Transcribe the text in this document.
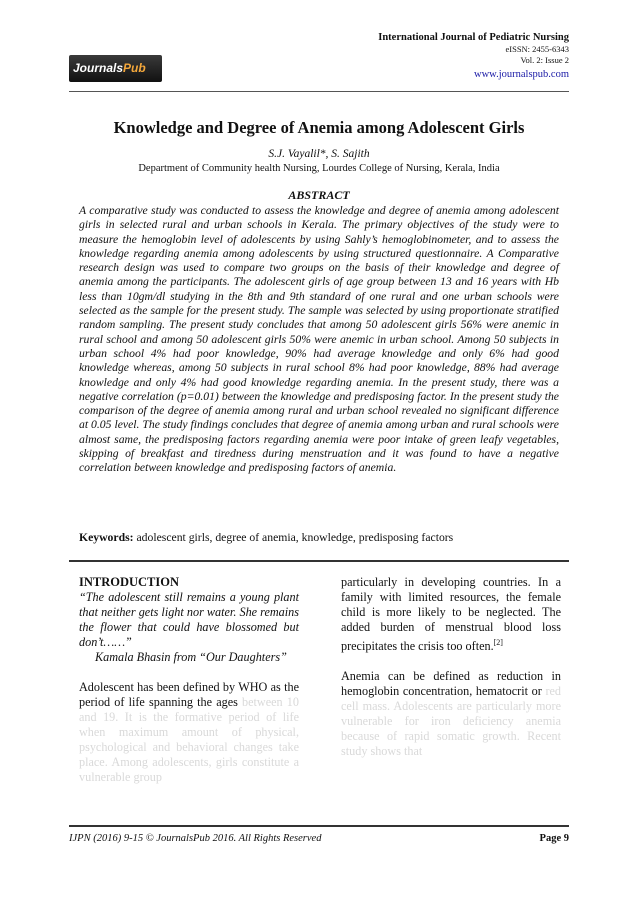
JournalsPub
International Journal of Pediatric Nursing
eISSN: 2455-6343
Vol. 2: Issue 2
www.journalspub.com
Knowledge and Degree of Anemia among Adolescent Girls
S.J. Vayalil*, S. Sajith
Department of Community health Nursing, Lourdes College of Nursing, Kerala, India
ABSTRACT

A comparative study was conducted to assess the knowledge and degree of anemia among adolescent girls in selected rural and urban schools in Kerala. The primary objectives of the study were to measure the hemoglobin level of adolescents by using Sahly’s hemoglobinometer, and to assess the knowledge regarding anemia among adolescents by using structured questionnaire. A Comparative research design was used to compare two groups on the basis of their knowledge and degree of anemia among the participants. The adolescent girls of age group between 13 and 16 years with Hb less than 10gm/dl studying in the 8th and 9th standard of one rural and one urban schools were selected as the sample for the present study. The sample was selected by using proportionate stratified random sampling. The present study concludes that among 50 adolescent girls 56% were anemic in rural school and among 50 adolescent girls 50% were anemic in urban school. Among 50 subjects in urban school 4% had poor knowledge, 90% had average knowledge and only 6% had good knowledge whereas, among 50 subjects in rural school 8% had poor knowledge, 88% had average knowledge and only 4% had good knowledge regarding anemia. In the present study, there was a negative correlation (p=0.01) between the knowledge and predisposing factor. In the present study the comparison of the degree of anemia among rural and urban school revealed no significant difference at 0.05 level. The study findings concludes that degree of anemia among urban and rural schools were almost same, the predisposing factors regarding anemia were poor intake of green leafy vegetables, skipping of breakfast and tiredness during menstruation and it was found to have a negative correlation between knowledge and predisposing factors of anemia.

Keywords: adolescent girls, degree of anemia, knowledge, predisposing factors

INTRODUCTION

“The adolescent still remains a young plant that neither gets light nor water. She remains the flower that could have blossomed but don’t……”

Kamala Bhasin from “Our Daughters”

Adolescent has been defined by WHO as the period of life spanning the ages between 10 and 19. It is the formative period of life when maximum amount of physical, psychological and behavioral changes take place. Among adolescents, girls constitute a vulnerable group

particularly in developing countries. In a family with limited resources, the female child is more likely to be neglected. The added burden of menstrual blood loss precipitates the crisis too often.[2]

Anemia can be defined as reduction in hemoglobin concentration, hematocrit or red cell mass. Adolescents are particularly more vulnerable for iron deficiency anemia because of rapid somatic growth. Recent study shows that

IJPN (2016) 9-15 © JournalsPub 2016. All Rights Reserved	Page 9
